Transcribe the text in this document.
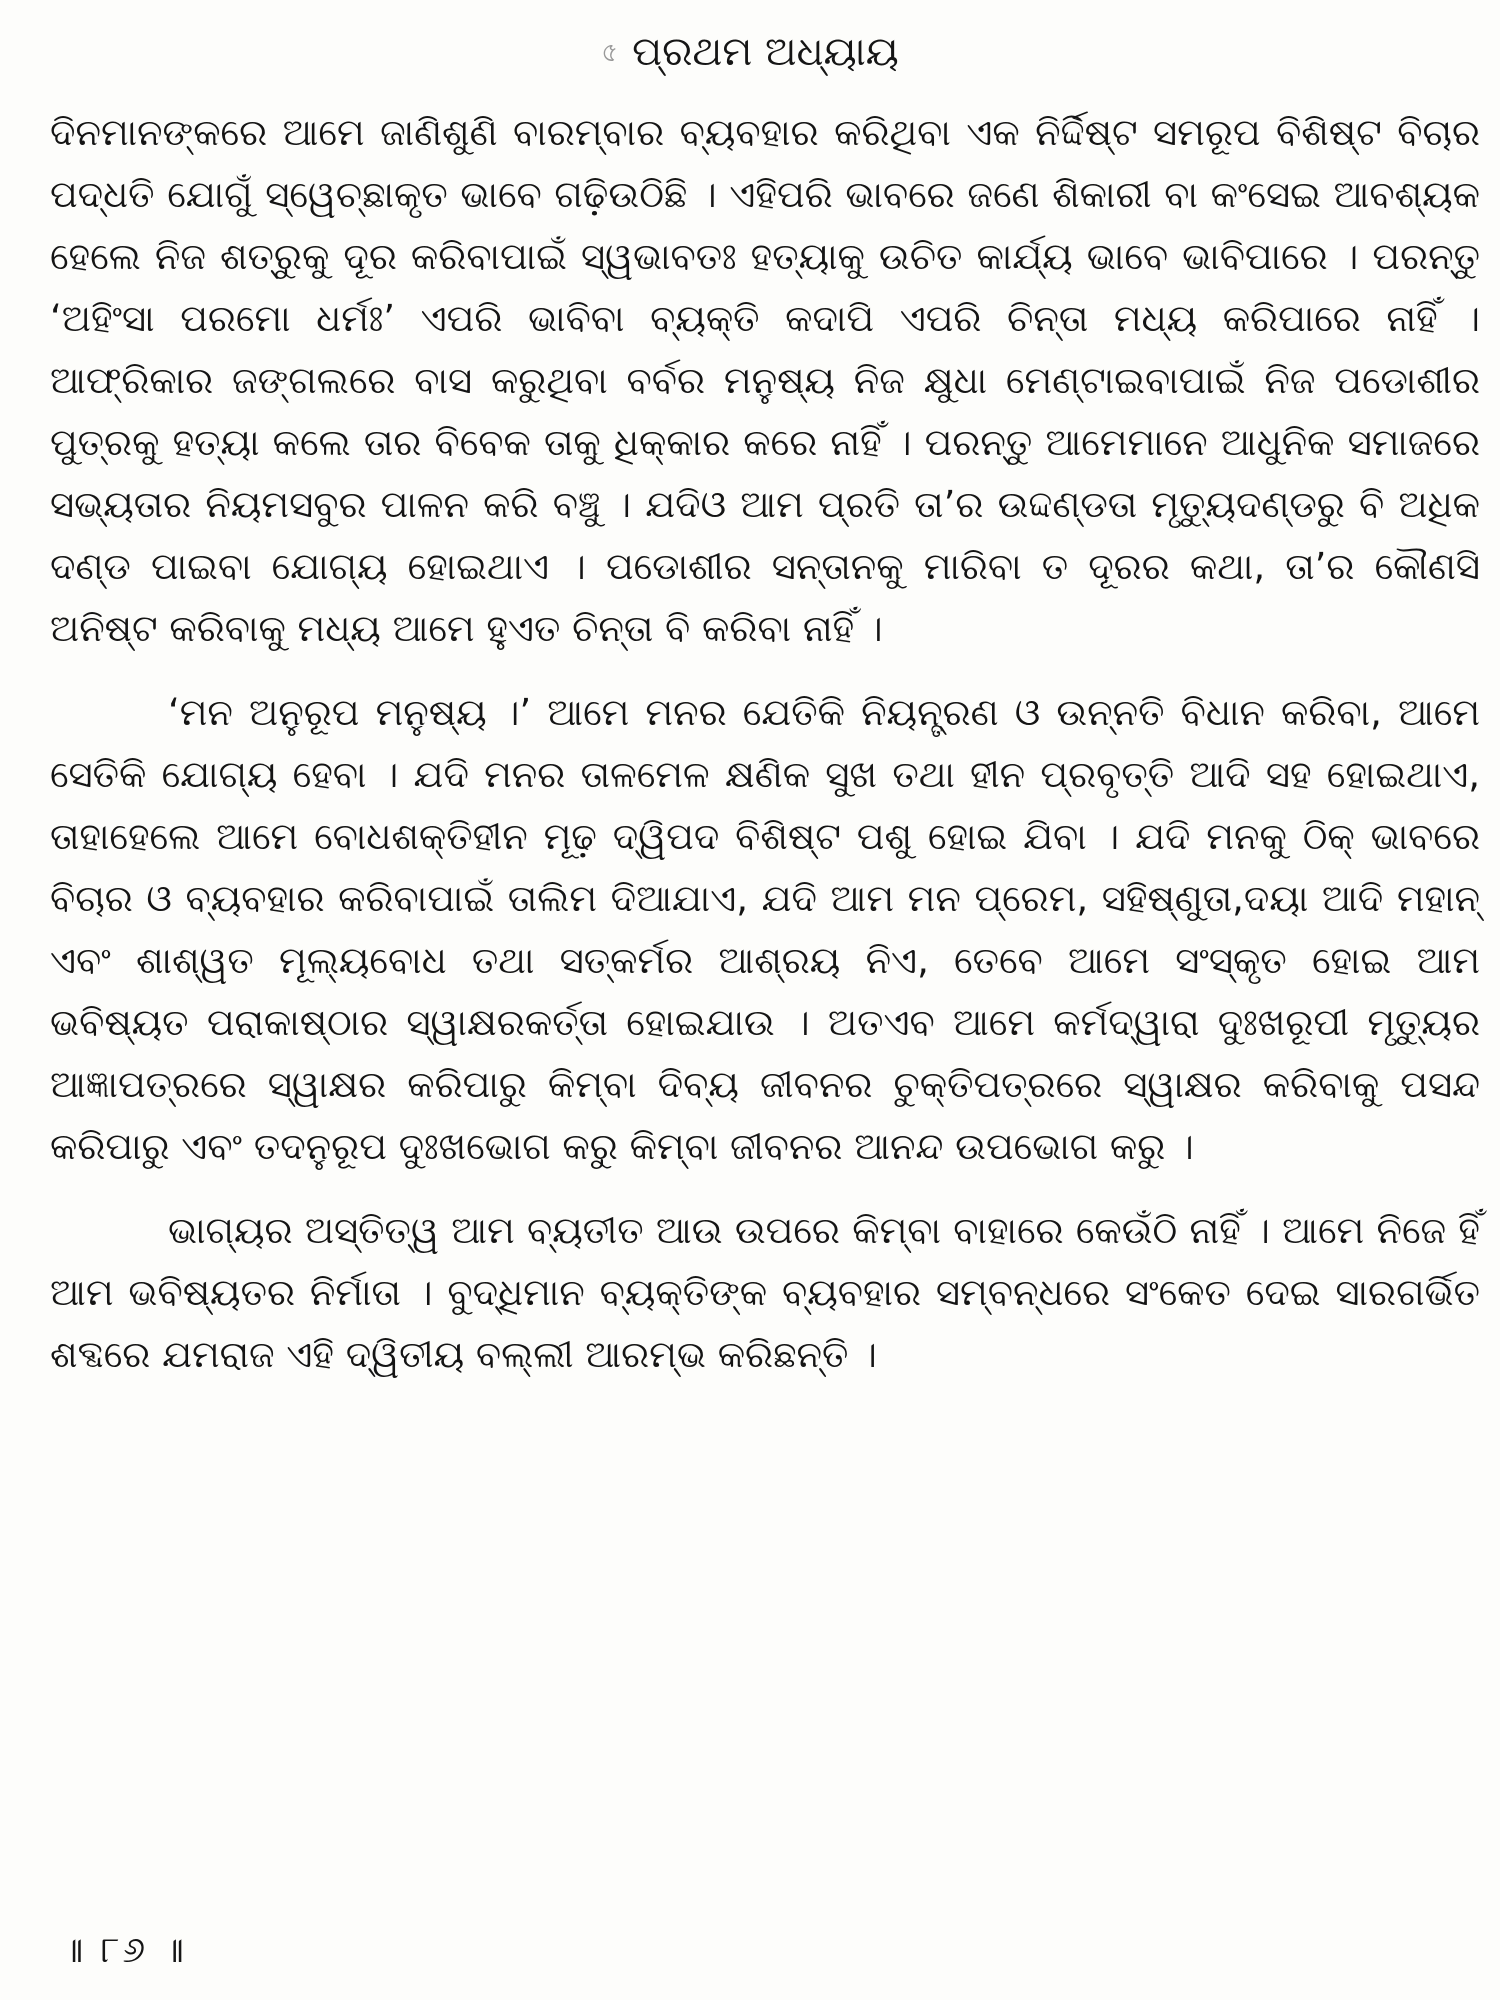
৫ ପ୍ରଥମ ଅଧ୍ୟାୟ

ଦିନମାନଙ୍କରେ ଆମେ ଜାଣିଶୁଣି ବାରମ୍ବାର ବ୍ୟବହାର କରିଥିବା ଏକ ନିର୍ଦ୍ଦିଷ୍ଟ ସମରୂପ ବିଶିଷ୍ଟ ବିଚାର ପଦ୍ଧତି ଯୋଗୁଁ ସ୍ୱେଚ୍ଛାକୃତ ଭାବେ ଗଢ଼ିଉଠିଛି । ଏହିପରି ଭାବରେ ଜଣେ ଶିକାରୀ ବା କଂସେଇ ଆବଶ୍ୟକ ହେଲେ ନିଜ ଶତ୍ରୁକୁ ଦୂର କରିବାପାଇଁ ସ୍ୱଭାବତଃ ହତ୍ୟାକୁ ଉଚିତ କାର୍ଯ୍ୟ ଭାବେ ଭାବିପାରେ । ପରନ୍ତୁ ‘ଅହିଂସା ପରମୋ ଧର୍ମଃ’ ଏପରି ଭାବିବା ବ୍ୟକ୍ତି କଦାପି ଏପରି ଚିନ୍ତା ମଧ୍ୟ କରିପାରେ ନାହିଁ । ଆଫ୍ରିକାର ଜଙ୍ଗଲରେ ବାସ କରୁଥିବା ବର୍ବର ମନୁଷ୍ୟ ନିଜ କ୍ଷୁଧା ମେଣ୍ଟାଇବାପାଇଁ ନିଜ ପଡୋଶୀର ପୁତ୍ରକୁ ହତ୍ୟା କଲେ ତାର ବିବେକ ତାକୁ ଧିକ୍‌କାର କରେ ନାହିଁ । ପରନ୍ତୁ ଆମେମାନେ ଆଧୁନିକ ସମାଜରେ ସଭ୍ୟତାର ନିୟମସବୁର ପାଳନ କରି ବଞ୍ଚୁ । ଯଦିଓ ଆମ ପ୍ରତି ତା’ର ଉଦ୍ଦଣ୍ଡତା ମୃତ୍ୟୁଦଣ୍ଡରୁ ବି ଅଧିକ ଦଣ୍ଡ ପାଇବା ଯୋଗ୍ୟ ହୋଇଥାଏ । ପଡୋଶୀର ସନ୍ତାନକୁ ମାରିବା ତ ଦୂରର କଥା, ତା’ର କୌଣସି ଅନିଷ୍ଟ କରିବାକୁ ମଧ୍ୟ ଆମେ ହୁଏତ ଚିନ୍ତା ବି କରିବା ନାହିଁ ।

‘ମନ ଅନୁରୂପ ମନୁଷ୍ୟ ।’ ଆମେ ମନର ଯେତିକି ନିୟନ୍ତ୍ରଣ ଓ ଉନ୍ନତି ବିଧାନ କରିବା, ଆମେ ସେତିକି ଯୋଗ୍ୟ ହେବା । ଯଦି ମନର ତାଳମେଳ କ୍ଷଣିକ ସୁଖ ତଥା ହୀନ ପ୍ରବୃତ୍ତି ଆଦି ସହ ହୋଇଥାଏ, ତାହାହେଲେ ଆମେ ବୋଧଶକ୍ତିହୀନ ମୂଢ଼ ଦ୍ୱିପଦ ବିଶିଷ୍ଟ ପଶୁ ହୋଇ ଯିବା । ଯଦି ମନକୁ ଠିକ୍ ଭାବରେ ବିଚାର ଓ ବ୍ୟବହାର କରିବାପାଇଁ ତାଲିମ ଦିଆଯାଏ, ଯଦି ଆମ ମନ ପ୍ରେମ, ସହିଷ୍ଣୁତା,ଦୟା ଆଦି ମହାନ୍ ଏବଂ ଶାଶ୍ୱତ ମୂଲ୍ୟବୋଧ ତଥା ସତ୍‌କର୍ମର ଆଶ୍ରୟ ନିଏ, ତେବେ ଆମେ ସଂସ୍କୃତ ହୋଇ ଆମ ଭବିଷ୍ୟତ ପରାକାଷ୍ଠାର ସ୍ୱାକ୍ଷରକର୍ତ୍ତା ହୋଇଯାଉ । ଅତଏବ ଆମେ କର୍ମଦ୍ୱାରା ଦୁଃଖରୂପୀ ମୃତ୍ୟୁର ଆଜ୍ଞାପତ୍ରରେ ସ୍ୱାକ୍ଷର କରିପାରୁ କିମ୍ବା ଦିବ୍ୟ ଜୀବନର ଚୁକ୍ତିପତ୍ରରେ ସ୍ୱାକ୍ଷର କରିବାକୁ ପସନ୍ଦ କରିପାରୁ ଏବଂ ତଦନୁରୂପ ଦୁଃଖଭୋଗ କରୁ କିମ୍ବା ଜୀବନର ଆନନ୍ଦ ଉପଭୋଗ କରୁ ।

ଭାଗ୍ୟର ଅସ୍ତିତ୍ୱ ଆମ ବ୍ୟତୀତ ଆଉ ଉପରେ କିମ୍ବା ବାହାରେ କେଉଁଠି ନାହିଁ । ଆମେ ନିଜେ ହିଁ ଆମ ଭବିଷ୍ୟତର ନିର୍ମାତା । ବୁଦ୍ଧିମାନ ବ୍ୟକ୍ତିଙ୍କ ବ୍ୟବହାର ସମ୍ବନ୍ଧରେ ସଂକେତ ଦେଇ ସାରଗର୍ଭିତ ଶବ୍ଦରେ ଯମରାଜ ଏହି ଦ୍ୱିତୀୟ ବଲ୍ଲୀ ଆରମ୍ଭ କରିଛନ୍ତି ।

॥ ୮୬ ॥
